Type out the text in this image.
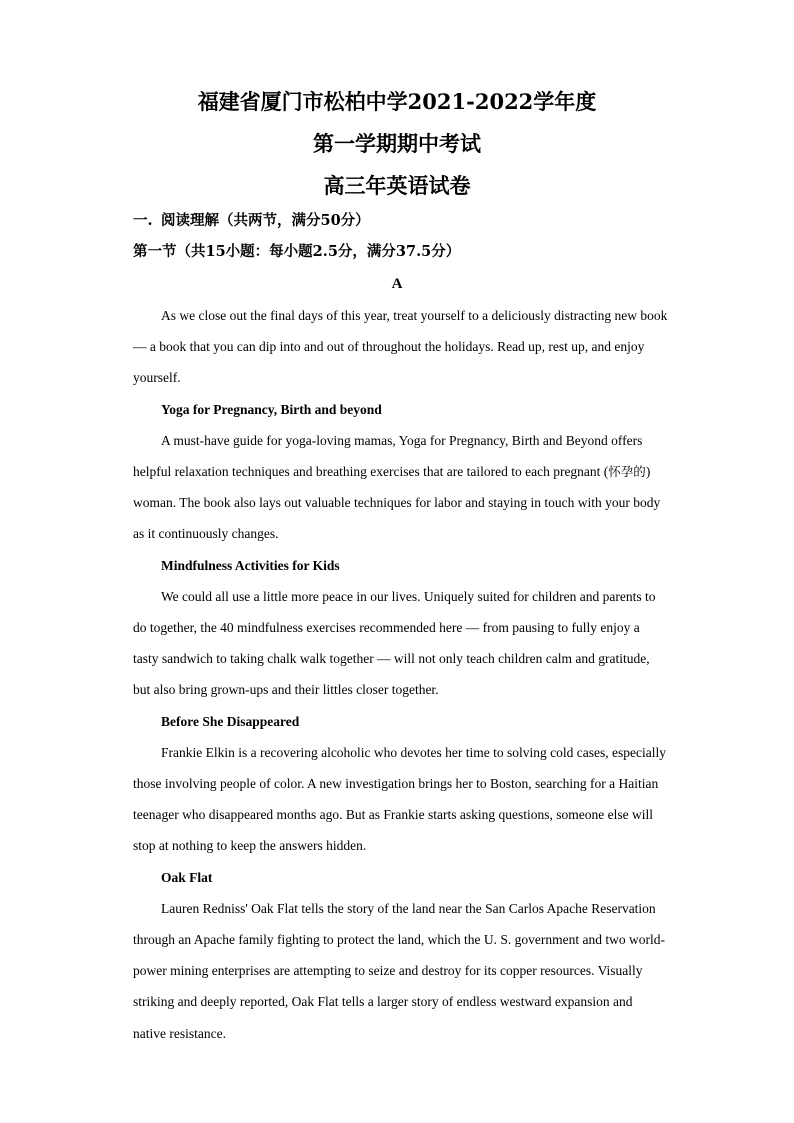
福建省厦门市松柏中学2021-2022学年度
第一学期期中考试
高三年英语试卷
一. 阅读理解（共两节，满分50分）
第一节（共15小题：每小题2.5分，满分37.5分）
A

As we close out the final days of this year, treat yourself to a deliciously distracting new book — a book that you can dip into and out of throughout the holidays. Read up, rest up, and enjoy yourself.

Yoga for Pregnancy, Birth and beyond

A must-have guide for yoga-loving mamas, Yoga for Pregnancy, Birth and Beyond offers helpful relaxation techniques and breathing exercises that are tailored to each pregnant (怀孕的) woman. The book also lays out valuable techniques for labor and staying in touch with your body as it continuously changes.

Mindfulness Activities for Kids

We could all use a little more peace in our lives. Uniquely suited for children and parents to do together, the 40 mindfulness exercises recommended here — from pausing to fully enjoy a tasty sandwich to taking chalk walk together — will not only teach children calm and gratitude, but also bring grown-ups and their littles closer together.

Before She Disappeared

Frankie Elkin is a recovering alcoholic who devotes her time to solving cold cases, especially those involving people of color. A new investigation brings her to Boston, searching for a Haitian teenager who disappeared months ago. But as Frankie starts asking questions, someone else will stop at nothing to keep the answers hidden.

Oak Flat

Lauren Redniss' Oak Flat tells the story of the land near the San Carlos Apache Reservation through an Apache family fighting to protect the land, which the U. S. government and two world-power mining enterprises are attempting to seize and destroy for its copper resources. Visually striking and deeply reported, Oak Flat tells a larger story of endless westward expansion and native resistance.
